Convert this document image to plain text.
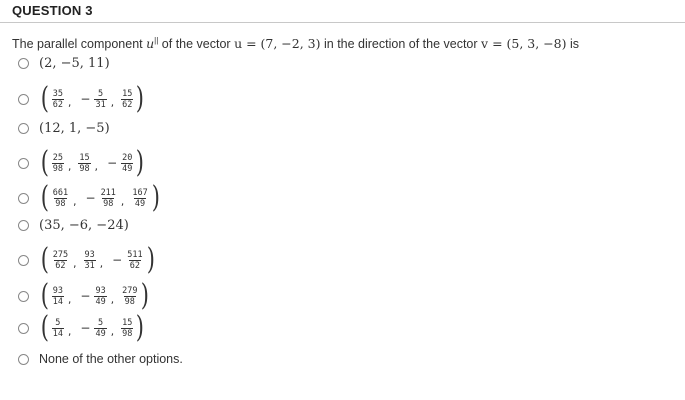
QUESTION 3
The parallel component u|| of the vector u = (7, −2, 3) in the direction of the vector v = (5, 3, −8) is
(2, −5, 11)
( $\frac{35}{62}$ , − $\frac{5}{31}$ , $\frac{15}{62}$ )
(12, 1, −5)
( $\frac{25}{98}$ , $\frac{15}{98}$ , − $\frac{20}{49}$ )
( $\frac{661}{98}$ , − $\frac{211}{98}$ , $\frac{167}{49}$ )
(35, −6, −24)
( $\frac{275}{62}$ , $\frac{93}{31}$ , − $\frac{511}{62}$ )
( $\frac{93}{14}$ , − $\frac{93}{49}$ , $\frac{279}{98}$ )
( $\frac{5}{14}$ , − $\frac{5}{49}$ , $\frac{15}{98}$ )
None of the other options.
